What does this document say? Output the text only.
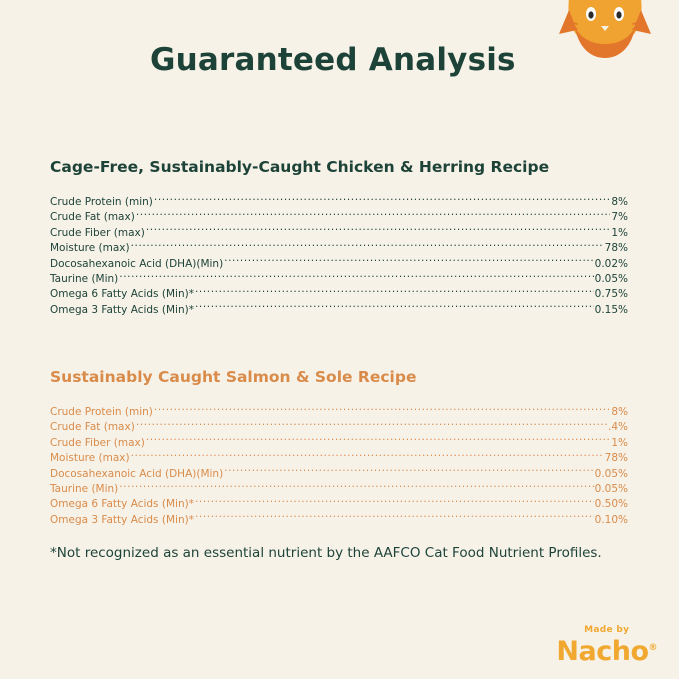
Guaranteed Analysis
Cage-Free, Sustainably-Caught Chicken & Herring Recipe
Crude Protein (min) .....	8%
Crude Fat (max) .....	7%
Crude Fiber (max) .....	1%
Moisture (max) .....	78%
Docosahexanoic Acid (DHA)(Min) .....	0.02%
Taurine (Min) .....	0.05%
Omega 6 Fatty Acids (Min)* .....	0.75%
Omega 3 Fatty Acids (Min)* .....	0.15%
Sustainably Caught Salmon & Sole Recipe
Crude Protein (min) .....	8%
Crude Fat (max) .....	.4%
Crude Fiber (max) .....	1%
Moisture (max) .....	78%
Docosahexanoic Acid (DHA)(Min) .....	0.05%
Taurine (Min) .....	0.05%
Omega 6 Fatty Acids (Min)* .....	0.50%
Omega 3 Fatty Acids (Min)* .....	0.10%
*Not recognized as an essential nutrient by the AAFCO Cat Food Nutrient Profiles.
Made by
Nacho®
